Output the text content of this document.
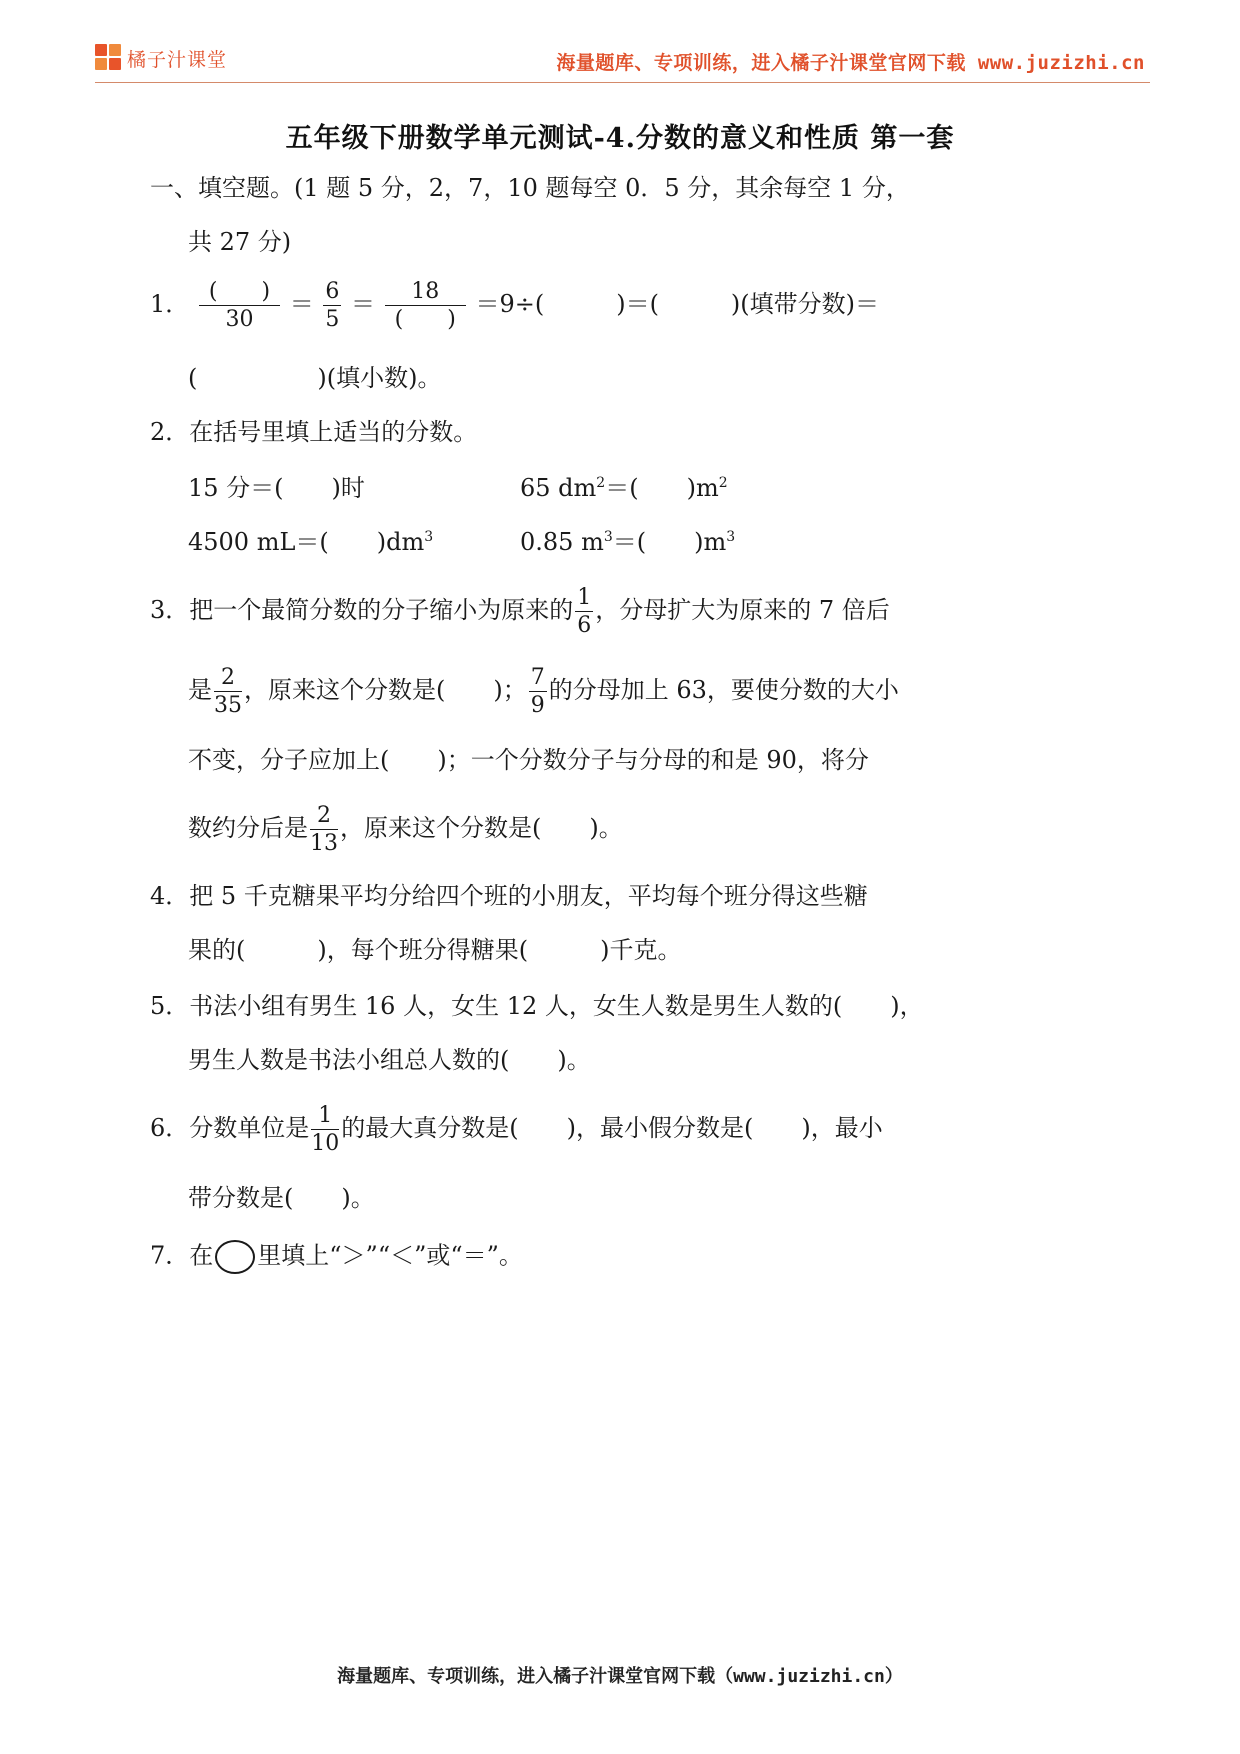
橘子汁课堂	海量题库、专项训练，进入橘子汁课堂官网下载 www.juzizhi.cn
五年级下册数学单元测试-4.分数的意义和性质 第一套
一、填空题。(1 题 5 分，2，7，10 题每空 0．5 分，其余每空 1 分，
共 27 分)
1． $\frac{( )}{30} = \frac{6}{5} = \frac{18}{( )} =9\div$(　　　)＝(　　　)(填带分数)＝
(　　　　　)(填小数)。
2．在括号里填上适当的分数。
15 分＝(　　)时	65 $dm^2=$(　　)$m^2$
4500 mL＝(　　)$dm^3$	0.85 $m^3=$(　　)$m^3$
3．把一个最简分数的分子缩小为原来的 $\frac{1}{6}$ ，分母扩大为原来的 7 倍后
是 $\frac{2}{35}$ ，原来这个分数是(　　)； $\frac{7}{9}$ 的分母加上 63，要使分数的大小
不变，分子应加上(　　)；一个分数分子与分母的和是 90，将分
数约分后是 $\frac{2}{13}$ ，原来这个分数是(　　)。
4．把 5 千克糖果平均分给四个班的小朋友，平均每个班分得这些糖
果的(　　　)，每个班分得糖果(　　　)千克。
5．书法小组有男生 16 人，女生 12 人，女生人数是男生人数的(　　)，
男生人数是书法小组总人数的(　　)。
6．分数单位是 $\frac{1}{10}$ 的最大真分数是(　　)，最小假分数是(　　)，最小
带分数是(　　)。
7．在 里填上“＞”“＜”或“＝”。
海量题库、专项训练，进入橘子汁课堂官网下载（www.juzizhi.cn）
